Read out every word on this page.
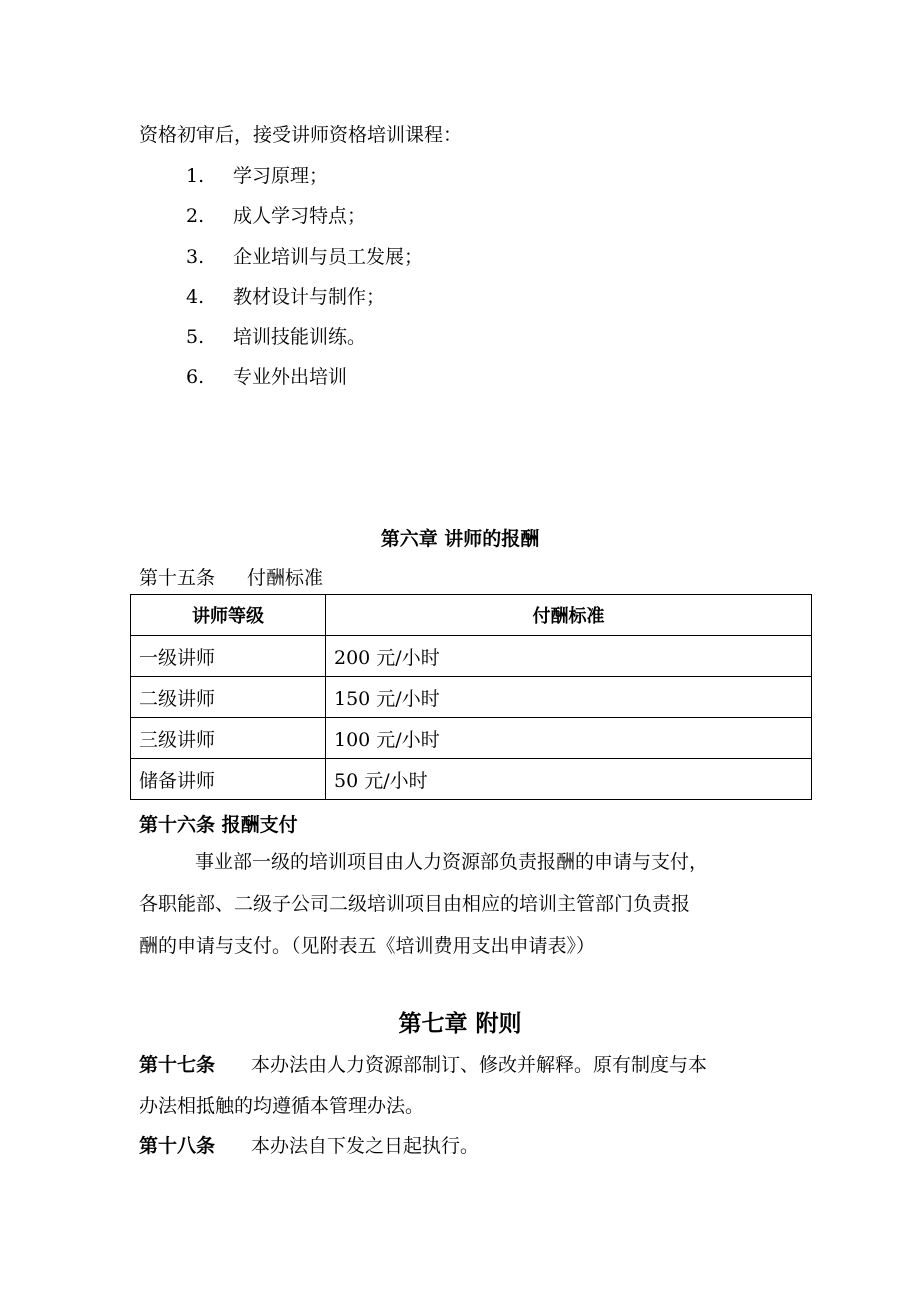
资格初审后，接受讲师资格培训课程：
1. 学习原理；
2. 成人学习特点；
3. 企业培训与员工发展；
4. 教材设计与制作；
5. 培训技能训练。
6. 专业外出培训
第六章 讲师的报酬
第十五条 付酬标准
讲师等级	付酬标准
一级讲师	200 元/小时
二级讲师	150 元/小时
三级讲师	100 元/小时
储备讲师	50 元/小时
第十六条 报酬支付
事业部一级的培训项目由人力资源部负责报酬的申请与支付，
各职能部、二级子公司二级培训项目由相应的培训主管部门负责报
酬的申请与支付。（见附表五《培训费用支出申请表》）
第七章 附则
第十七条 本办法由人力资源部制订、修改并解释。原有制度与本
办法相抵触的均遵循本管理办法。
第十八条 本办法自下发之日起执行。
